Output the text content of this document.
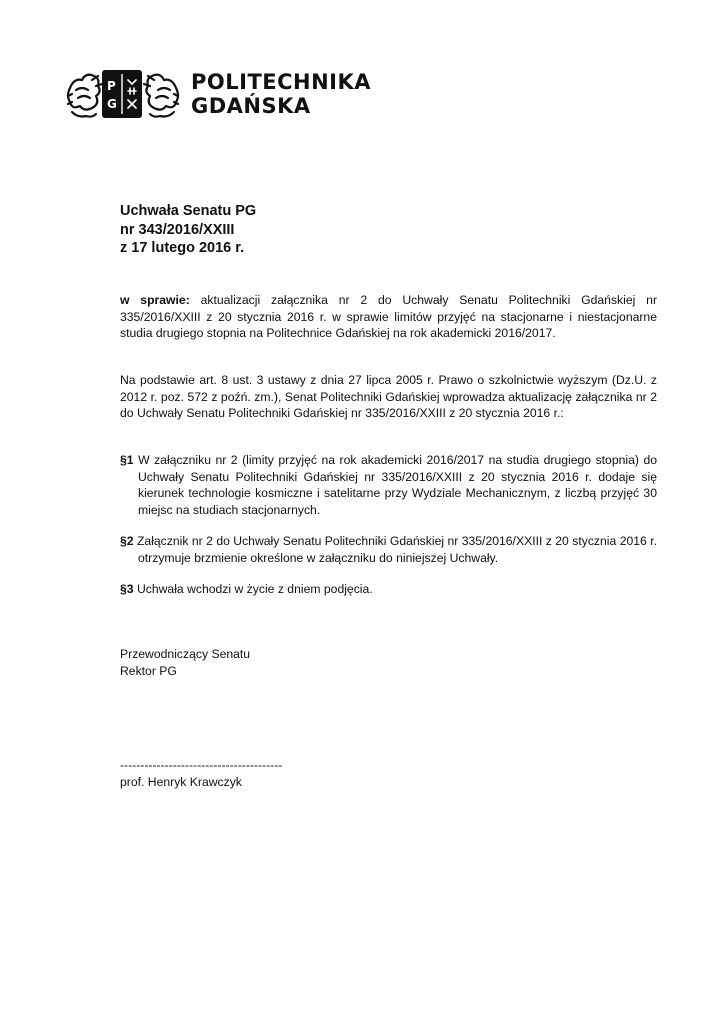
P
G
POLITECHNIKA
GDAŃSKA
Uchwała Senatu PG
nr 343/2016/XXIII
z 17 lutego 2016 r.
w sprawie: aktualizacji załącznika nr 2 do Uchwały Senatu Politechniki Gdańskiej nr 335/2016/XXIII z 20 stycznia 2016 r. w sprawie limitów przyjęć na stacjonarne i niestacjonarne studia drugiego stopnia na Politechnice Gdańskiej na rok akademicki 2016/2017.
Na podstawie art. 8 ust. 3 ustawy z dnia 27 lipca 2005 r. Prawo o szkolnictwie wyższym (Dz.U. z 2012 r. poz. 572 z poźń. zm.), Senat Politechniki Gdańskiej wprowadza aktualizację załącznika nr 2 do Uchwały Senatu Politechniki Gdańskiej nr 335/2016/XXIII z 20 stycznia 2016 r.:
§1 W załączniku nr 2 (limity przyjęć na rok akademicki 2016/2017 na studia drugiego stopnia) do Uchwały Senatu Politechniki Gdańskiej nr 335/2016/XXIII z 20 stycznia 2016 r. dodaje się kierunek technologie kosmiczne i satelitarne przy Wydziale Mechanicznym, z liczbą przyjęć 30 miejsc na studiach stacjonarnych.
§2 Załącznik nr 2 do Uchwały Senatu Politechniki Gdańskiej nr 335/2016/XXIII z 20 stycznia 2016 r. otrzymuje brzmienie określone w załączniku do niniejszej Uchwały.
§3 Uchwała wchodzi w życie z dniem podjęcia.
Przewodniczący Senatu
Rektor PG
----------------------------------------
prof. Henryk Krawczyk
